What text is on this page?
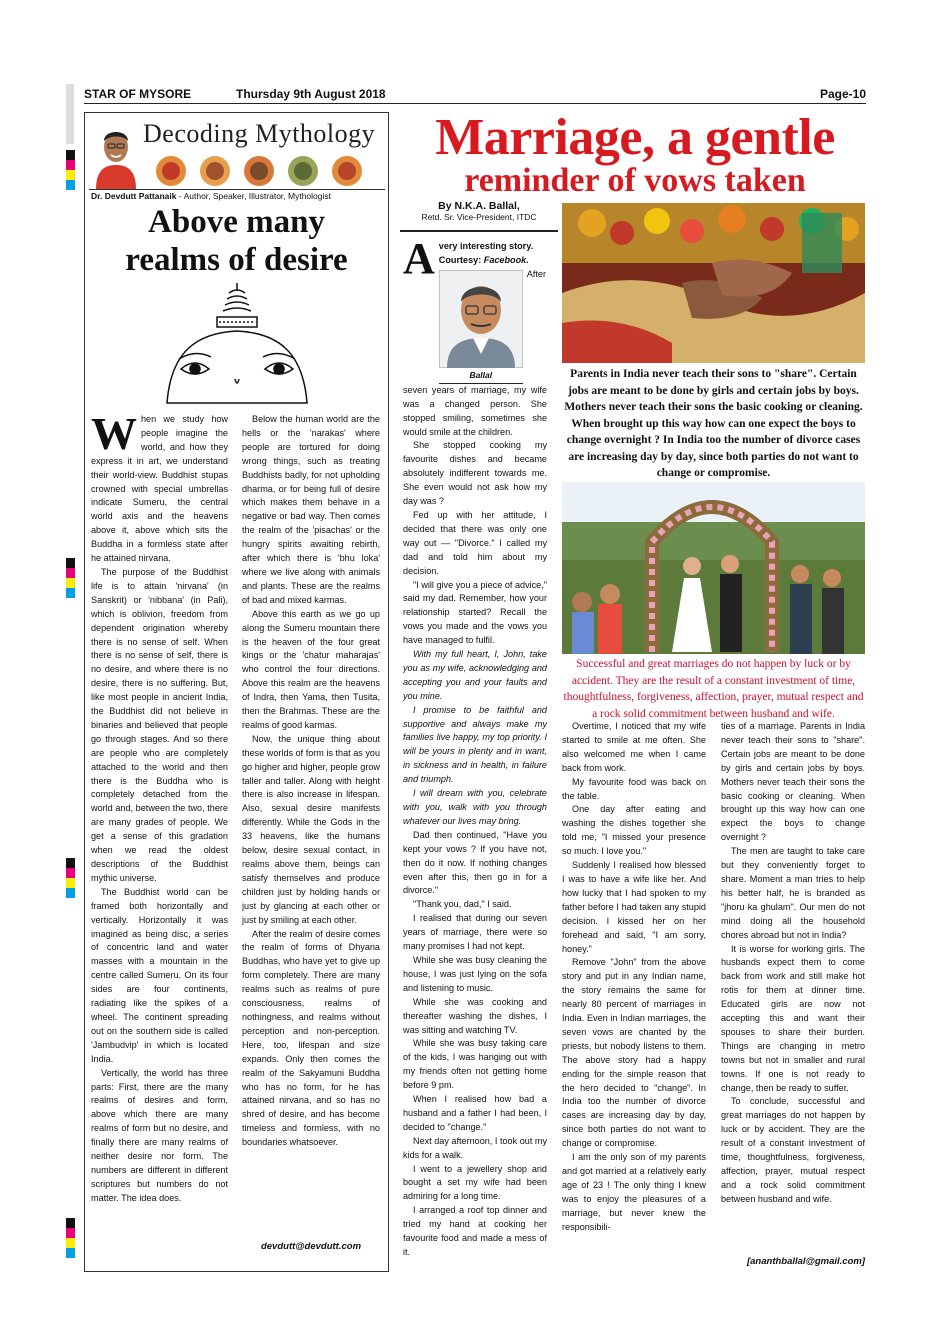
STAR OF MYSORE	Thursday 9th August 2018	Page-10
Decoding Mythology
Dr. Devdutt Pattanaik - Author, Speaker, Illustrator, Mythologist
Above many
realms of desire

When we study how people imagine the world, and how they express it in art, we understand their world-view. Buddhist stupas crowned with special umbrellas indicate Sumeru, the central world axis and the heavens above it, above which sits the Buddha in a formless state after he attained nirvana.

The purpose of the Buddhist life is to attain 'nirvana' (in Sanskrit) or 'nibbana' (in Pali), which is oblivion, freedom from dependent origination whereby there is no sense of self. When there is no sense of self, there is no desire, and where there is no desire, there is no suffering. But, like most people in ancient India, the Buddhist did not believe in binaries and believed that people go through stages. And so there are people who are completely attached to the world and then there is the Buddha who is completely detached from the world and, between the two, there are many grades of people. We get a sense of this gradation when we read the oldest descriptions of the Buddhist mythic universe.

The Buddhist world can be framed both horizontally and vertically. Horizontally it was imagined as being disc, a series of concentric land and water masses with a mountain in the centre called Sumeru. On its four sides are four continents, radiating like the spikes of a wheel. The continent spreading out on the southern side is called 'Jambudvip' in which is located India.

Vertically, the world has three parts: First, there are the many realms of desires and form, above which there are many realms of form but no desire, and finally there are many realms of neither desire nor form. The numbers are different in different scriptures but numbers do not matter. The idea does.

Below the human world are the hells or the 'narakas' where people are tortured for doing wrong things, such as treating Buddhists badly, for not upholding dharma, or for being full of desire which makes them behave in a negative or bad way. Then comes the realm of the 'pisachas' or the hungry spirits awaiting rebirth, after which there is 'bhu loka' where we live along with animals and plants. These are the realms of bad and mixed karmas.

Above this earth as we go up along the Sumeru mountain there is the heaven of the four great kings or the 'chatur maharajas' who control the four directions. Above this realm are the heavens of Indra, then Yama, then Tusita, then the Brahmas. These are the realms of good karmas.

Now, the unique thing about these worlds of form is that as you go higher and higher, people grow taller and taller. Along with height there is also increase in lifespan. Also, sexual desire manifests differently. While the Gods in the 33 heavens, like the humans below, desire sexual contact, in realms above them, beings can satisfy themselves and produce children just by holding hands or just by glancing at each other or just by smiling at each other.

After the realm of desire comes the realm of forms of Dhyana Buddhas, who have yet to give up form completely. There are many realms such as realms of pure consciousness, realms of nothingness, and realms without perception and non-perception. Here, too, lifespan and size expands. Only then comes the realm of the Sakyamuni Buddha who has no form, for he has attained nirvana, and so has no shred of desire, and has become timeless and formless, with no boundaries whatsoever.

devdutt@devdutt.com
Marriage, a gentle
reminder of vows taken
By N.K.A. Ballal,
Retd. Sr. Vice-President, ITDC

Avery interesting story.
Courtesy: Facebook.

Ballal

After seven years of marriage, my wife was a changed person. She stopped smiling, sometimes she would smile at the children.

She stopped cooking my favourite dishes and became absolutely indifferent towards me. She even would not ask how my day was ?

Fed up with her attitude, I decided that there was only one way out — "Divorce." I called my dad and told him about my decision.

"I will give you a piece of advice," said my dad. Remember, how your relationship started? Recall the vows you made and the vows you have managed to fulfil.

With my full heart, I, John, take you as my wife, acknowledging and accepting you and your faults and you mine.

I promise to be faithful and supportive and always make my families live happy, my top priority. I will be yours in plenty and in want, in sickness and in health, in failure and triumph.

I will dream with you, celebrate with you, walk with you through whatever our lives may bring.

Dad then continued, "Have you kept your vows ? If you have not, then do it now. If nothing changes even after this, then go in for a divorce."

"Thank you, dad," I said.

I realised that during our seven years of marriage, there were so many promises I had not kept.

While she was busy cleaning the house, I was just lying on the sofa and listening to music.

While she was cooking and thereafter washing the dishes, I was sitting and watching TV.

While she was busy taking care of the kids, I was hanging out with my friends often not getting home before 9 pm.

When I realised how bad a husband and a father I had been, I decided to "change."

Next day afternoon, I took out my kids for a walk.

I went to a jewellery shop and bought a set my wife had been admiring for a long time.

I arranged a roof top dinner and tried my hand at cooking her favourite food and made a mess of it.

Parents in India never teach their sons to "share". Certain jobs are meant to be done by girls and certain jobs by boys. Mothers never teach their sons the basic cooking or cleaning. When brought up this way how can one expect the boys to change overnight ? In India too the number of divorce cases are increasing day by day, since both parties do not want to change or compromise.
Successful and great marriages do not happen by luck or by accident. They are the result of a constant investment of time, thoughtfulness, forgiveness, affection, prayer, mutual respect and a rock solid commitment between husband and wife.

Overtime, I noticed that my wife started to smile at me often. She also welcomed me when I came back from work.

My favourite food was back on the table.

One day after eating and washing the dishes together she told me, "I missed your presence so much. I love you."

Suddenly I realised how blessed I was to have a wife like her. And how lucky that I had spoken to my father before I had taken any stupid decision. I kissed her on her forehead and said, "I am sorry, honey."

Remove "John" from the above story and put in any Indian name, the story remains the same for nearly 80 percent of marriages in India. Even in Indian marriages, the seven vows are chanted by the priests, but nobody listens to them. The above story had a happy ending for the simple reason that the hero decided to "change". In India too the number of divorce cases are increasing day by day, since both parties do not want to change or compromise.

I am the only son of my parents and got married at a relatively early age of 23 ! The only thing I knew was to enjoy the pleasures of a marriage, but never knew the responsibili-

ties of a marriage. Parents in India never teach their sons to "share". Certain jobs are meant to be done by girls and certain jobs by boys. Mothers never teach their sons the basic cooking or cleaning. When brought up this way how can one expect the boys to change overnight ?

The men are taught to take care but they conveniently forget to share. Moment a man tries to help his better half, he is branded as "jhoru ka ghulam". Our men do not mind doing all the household chores abroad but not in India?

It is worse for working girls. The husbands expect them to come back from work and still make hot rotis for them at dinner time. Educated girls are now not accepting this and want their spouses to share their burden. Things are changing in metro towns but not in smaller and rural towns. If one is not ready to change, then be ready to suffer.

To conclude, successful and great marriages do not happen by luck or by accident. They are the result of a constant investment of time, thoughtfulness, forgiveness, affection, prayer, mutual respect and a rock solid commitment between husband and wife.

[ananthballal@gmail.com]
